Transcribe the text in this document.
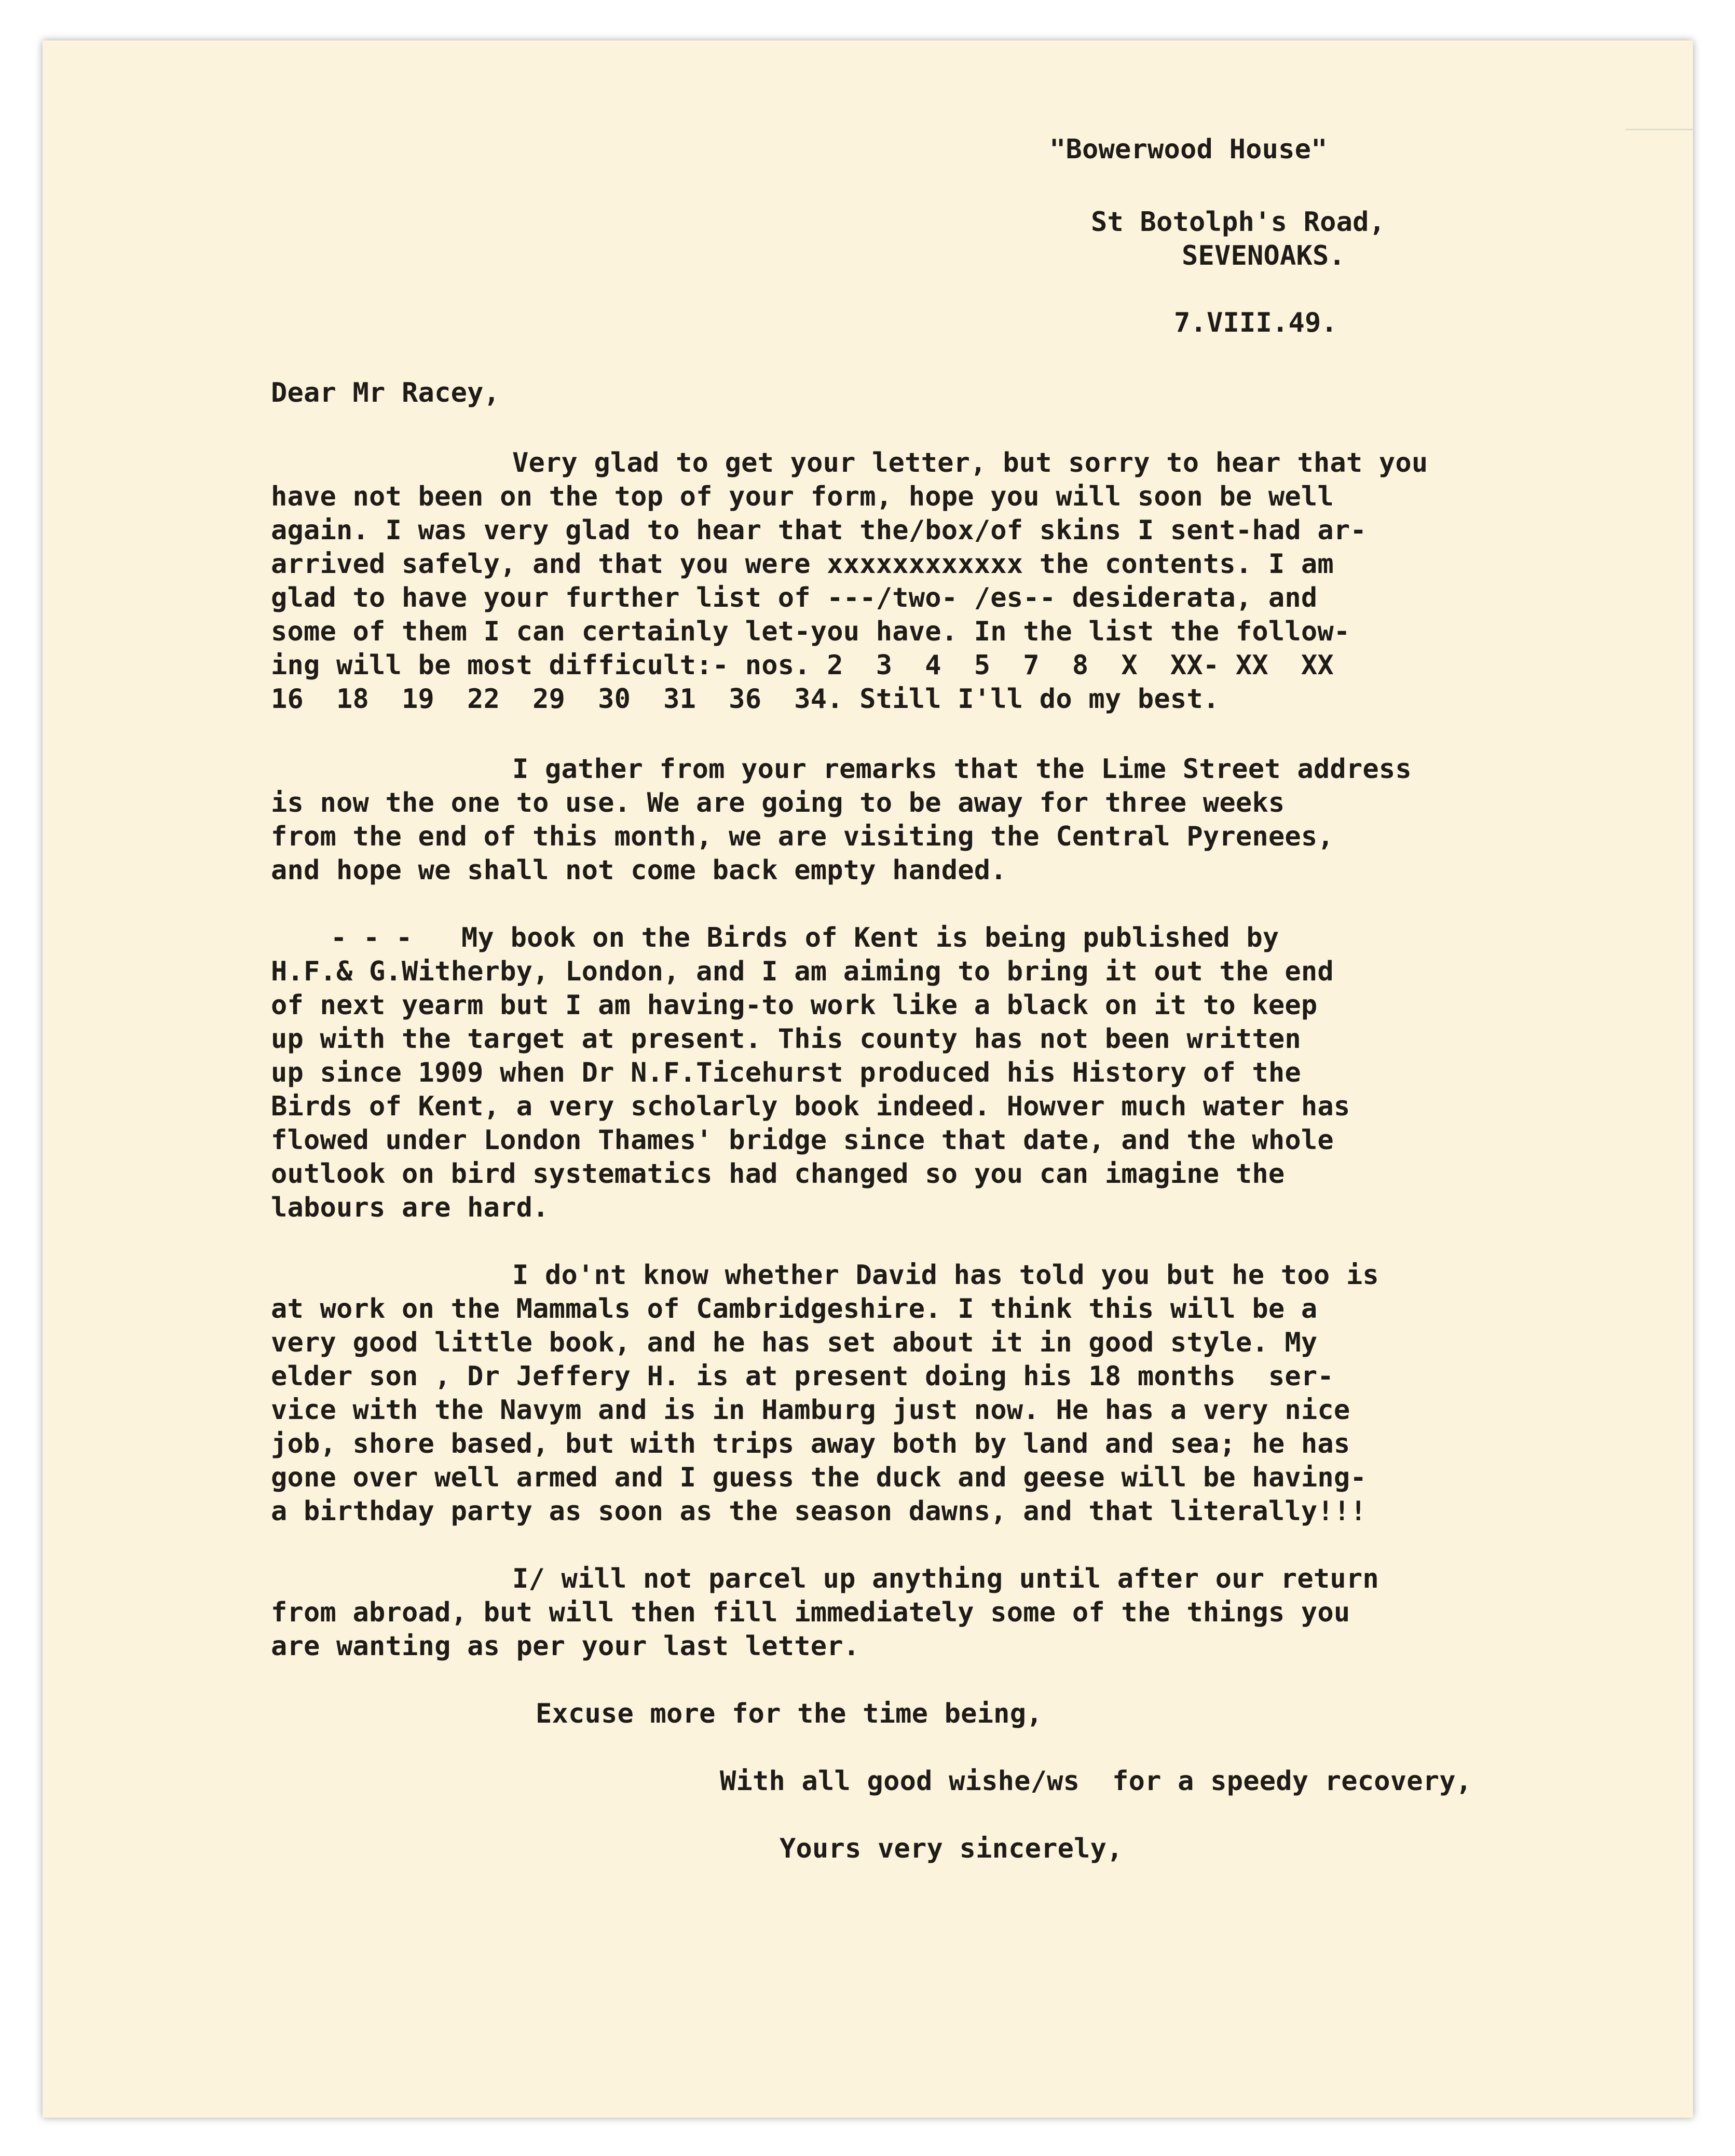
"Bowerwood House"
St Botolph's Road,
SEVENOAKS.
7.VIII.49.
Dear Mr Racey,
Very glad to get your letter, but sorry to hear that you
have not been on the top of your form, hope you will soon be well
again. I was very glad to hear that the/box/of skins I sent-had ar-
arrived safely, and that you were xxxxxxxxxxxx the contents. I am
glad to have your further list of ---/two- /es-- desiderata, and
some of them I can certainly let-you have. In the list the follow-
ing will be most difficult:- nos. 2  3  4  5  7  8  X  XX- XX  XX
16  18  19  22  29  30  31  36  34. Still I'll do my best.
I gather from your remarks that the Lime Street address
is now the one to use. We are going to be away for three weeks
from the end of this month, we are visiting the Central Pyrenees,
and hope we shall not come back empty handed.
- - -   My book on the Birds of Kent is being published by
H.F.& G.Witherby, London, and I am aiming to bring it out the end
of next yearm but I am having-to work like a black on it to keep
up with the target at present. This county has not been written
up since 1909 when Dr N.F.Ticehurst produced his History of the
Birds of Kent, a very scholarly book indeed. Howver much water has
flowed under London Thames' bridge since that date, and the whole
outlook on bird systematics had changed so you can imagine the
labours are hard.
I do'nt know whether David has told you but he too is
at work on the Mammals of Cambridgeshire. I think this will be a
very good little book, and he has set about it in good style. My
elder son , Dr Jeffery H. is at present doing his 18 months  ser-
vice with the Navym and is in Hamburg just now. He has a very nice
job, shore based, but with trips away both by land and sea; he has
gone over well armed and I guess the duck and geese will be having-
a birthday party as soon as the season dawns, and that literally!!!
I/ will not parcel up anything until after our return
from abroad, but will then fill immediately some of the things you
are wanting as per your last letter.
Excuse more for the time being,
With all good wishe/ws  for a speedy recovery,
Yours very sincerely,
